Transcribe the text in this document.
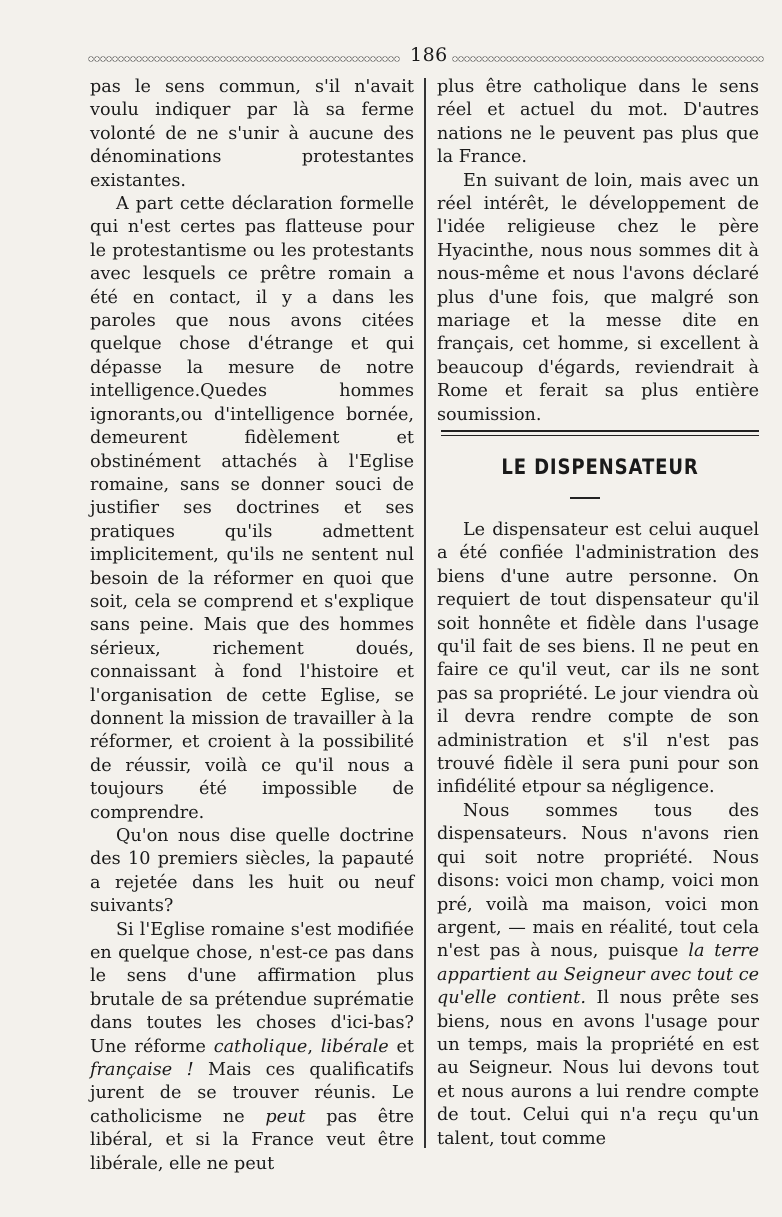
186

pas le sens commun, s'il n'avait voulu indiquer par là sa ferme volonté de ne s'unir à aucune des dénominations protestantes existantes.

A part cette déclaration formelle qui n'est certes pas flatteuse pour le protestantisme ou les protestants avec lesquels ce prêtre romain a été en contact, il y a dans les paroles que nous avons citées quelque chose d'étrange et qui dépasse la mesure de notre intelligence.Quedes hommes ignorants,ou d'intelligence bornée, demeurent fidèlement et obstinément attachés à l'Eglise romaine, sans se donner souci de justifier ses doctrines et ses pratiques qu'ils admettent implicitement, qu'ils ne sentent nul besoin de la réformer en quoi que soit, cela se comprend et s'explique sans peine. Mais que des hommes sérieux, richement doués, connaissant à fond l'histoire et l'organisation de cette Eglise, se donnent la mission de travailler à la réformer, et croient à la possibilité de réussir, voilà ce qu'il nous a toujours été impossible de comprendre.

Qu'on nous dise quelle doctrine des 10 premiers siècles, la papauté a rejetée dans les huit ou neuf suivants?

Si l'Eglise romaine s'est modifiée en quelque chose, n'est-ce pas dans le sens d'une affirmation plus brutale de sa prétendue suprématie dans toutes les choses d'ici-bas? Une réforme catholique, libérale et française ! Mais ces qualificatifs jurent de se trouver réunis. Le catholicisme ne peut pas être libéral, et si la France veut être libérale, elle ne peut

plus être catholique dans le sens réel et actuel du mot. D'autres nations ne le peuvent pas plus que la France.

En suivant de loin, mais avec un réel intérêt, le développement de l'idée religieuse chez le père Hyacinthe, nous nous sommes dit à nous-même et nous l'avons déclaré plus d'une fois, que malgré son mariage et la messe dite en français, cet homme, si excellent à beaucoup d'égards, reviendrait à Rome et ferait sa plus entière soumission.

LE DISPENSATEUR

Le dispensateur est celui auquel a été confiée l'administration des biens d'une autre personne. On requiert de tout dispensateur qu'il soit honnête et fidèle dans l'usage qu'il fait de ses biens. Il ne peut en faire ce qu'il veut, car ils ne sont pas sa propriété. Le jour viendra où il devra rendre compte de son administration et s'il n'est pas trouvé fidèle il sera puni pour son infidélité etpour sa négligence.

Nous sommes tous des dispensateurs. Nous n'avons rien qui soit notre propriété. Nous disons: voici mon champ, voici mon pré, voilà ma maison, voici mon argent, — mais en réalité, tout cela n'est pas à nous, puisque la terre appartient au Seigneur avec tout ce qu'elle contient. Il nous prête ses biens, nous en avons l'usage pour un temps, mais la propriété en est au Seigneur. Nous lui devons tout et nous aurons a lui rendre compte de tout. Celui qui n'a reçu qu'un talent, tout comme
